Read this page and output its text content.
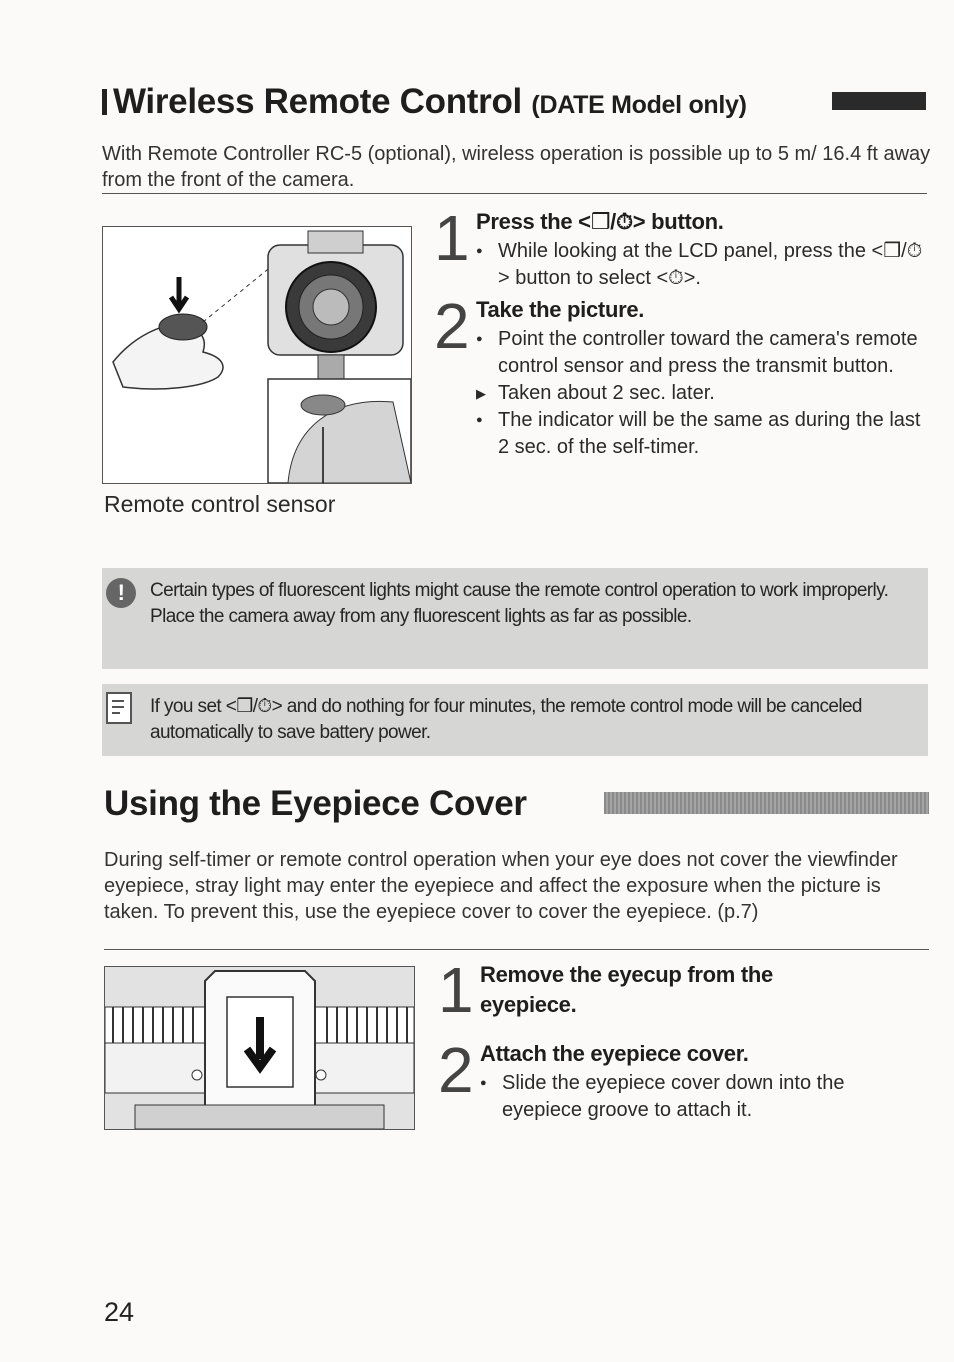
Wireless Remote Control (DATE Model only)
With Remote Controller RC-5 (optional), wireless operation is possible up to 5 m/ 16.4 ft away from the front of the camera.
Remote control sensor
1 Press the <❒/⏱> button.
● While looking at the LCD panel, press the <❒/⏱> button to select <⏱>.
2 Take the picture.
● Point the controller toward the camera's remote control sensor and press the transmit button.
▶ Taken about 2 sec. later.
● The indicator will be the same as during the last 2 sec. of the self-timer.
!	Certain types of fluorescent lights might cause the remote control operation to work improperly. Place the camera away from any fluorescent lights as far as possible.
If you set <❒/⏱> and do nothing for four minutes, the remote control mode will be canceled automatically to save battery power.
Using the Eyepiece Cover
During self-timer or remote control operation when your eye does not cover the viewfinder eyepiece, stray light may enter the eyepiece and affect the exposure when the picture is taken. To prevent this, use the eyepiece cover to cover the eyepiece. (p.7)
1 Remove the eyecup from the eyepiece.
2 Attach the eyepiece cover.
● Slide the eyepiece cover down into the eyepiece groove to attach it.
24
